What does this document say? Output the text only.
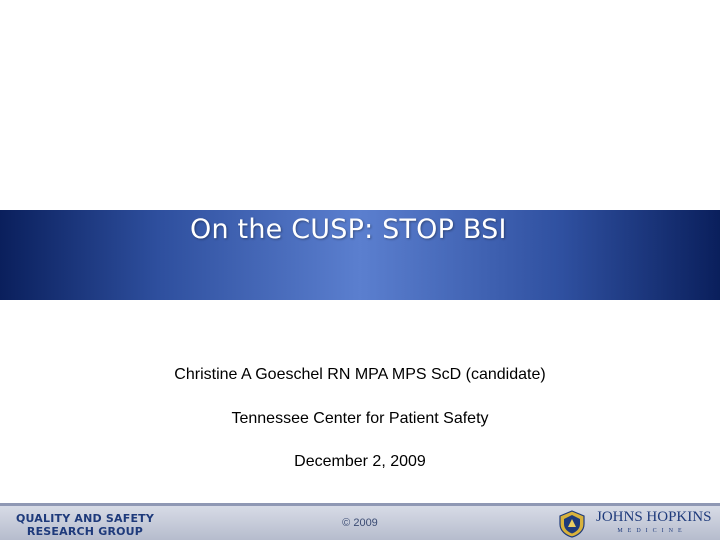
On the CUSP: STOP BSI
Christine A Goeschel RN MPA MPS ScD (candidate)
Tennessee Center for Patient Safety
December 2, 2009
QUALITY AND SAFETY
RESEARCH GROUP
© 2009	JOHNS HOPKINS
MEDICINE
